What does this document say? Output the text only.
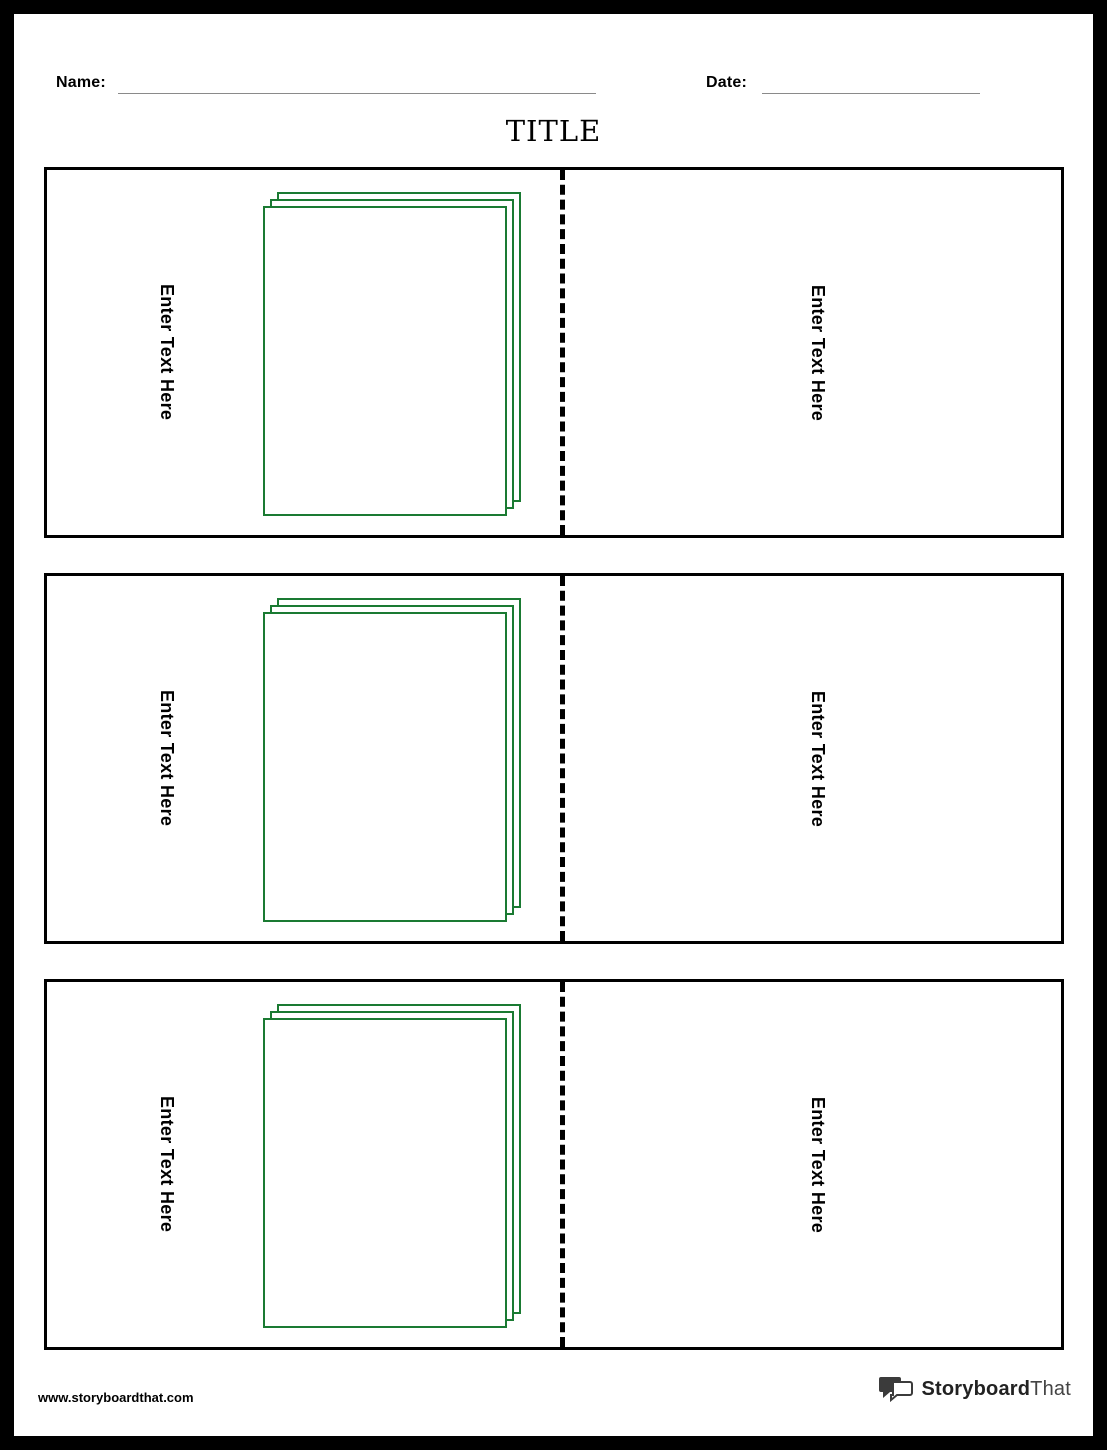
Name:	Date:
TITLE
Enter Text Here	Enter Text Here
Enter Text Here	Enter Text Here
Enter Text Here	Enter Text Here
www.storyboardthat.com	StoryboardThat
